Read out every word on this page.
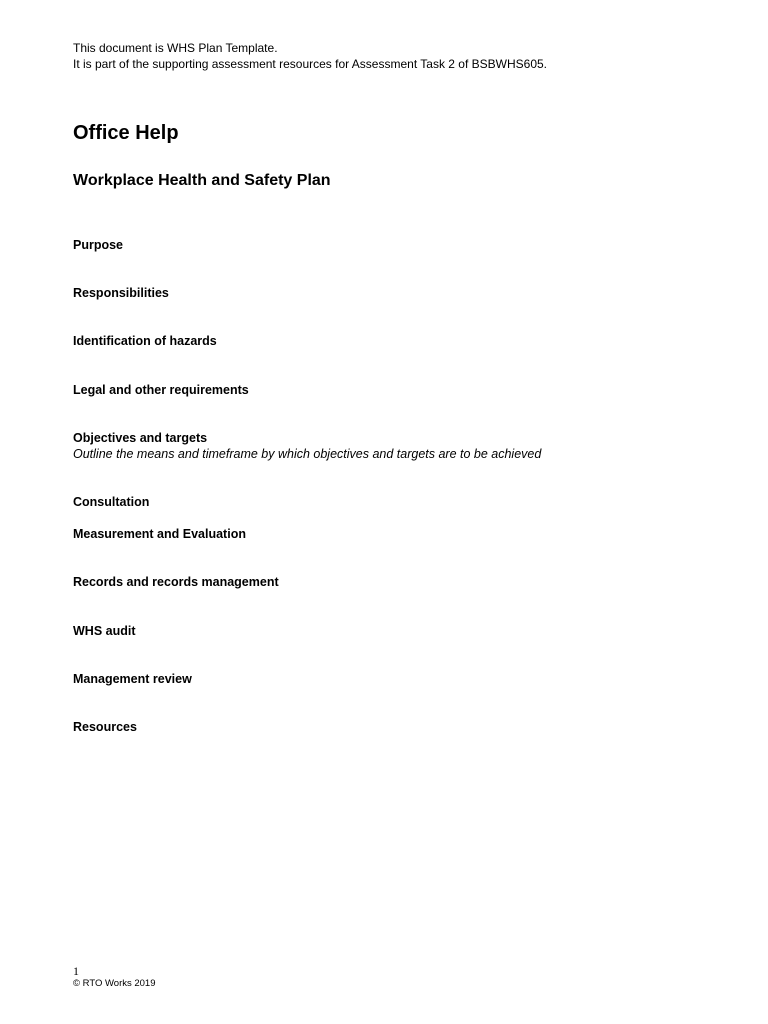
This document is WHS Plan Template.
It is part of the supporting assessment resources for Assessment Task 2 of BSBWHS605.
Office Help
Workplace Health and Safety Plan
Purpose
Responsibilities
Identification of hazards
Legal and other requirements
Objectives and targets
Outline the means and timeframe by which objectives and targets are to be achieved
Consultation
Measurement and Evaluation
Records and records management
WHS audit
Management review
Resources
1
© RTO Works 2019
